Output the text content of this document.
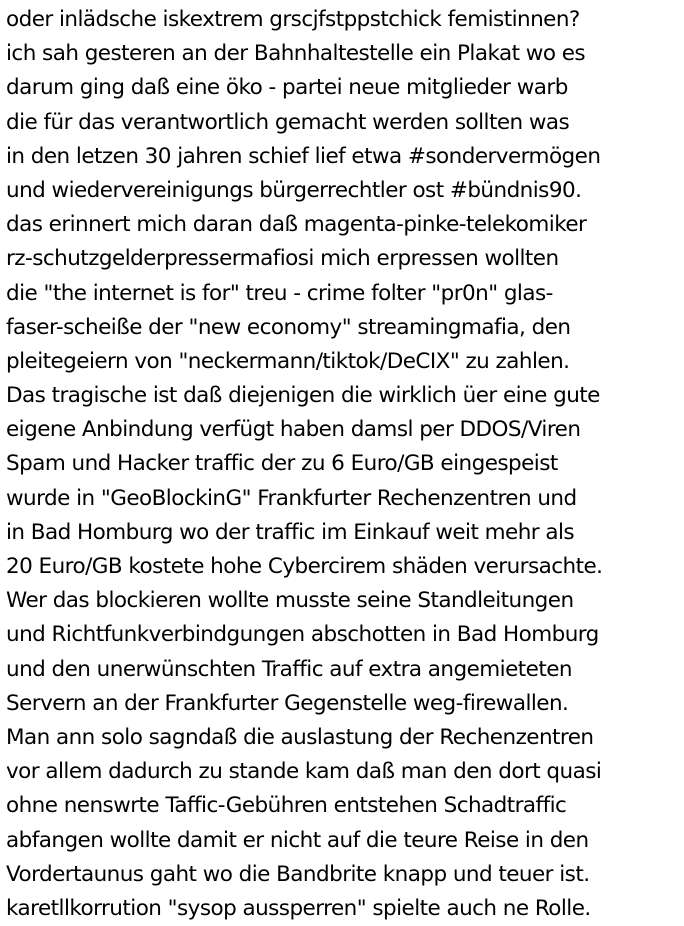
oder inlädsche iskextrem grscjfstppstchick femistinnen?
ich sah gesteren an der Bahnhaltestelle ein Plakat wo es
darum ging daß eine öko - partei neue mitglieder warb
die für das verantwortlich gemacht werden sollten was
in den letzen 30 jahren schief lief etwa #sondervermögen
und wiedervereinigungs bürgerrechtler ost #bündnis90.
das erinnert mich daran daß magenta-pinke-telekomiker
rz-schutzgelderpressermafiosi mich erpressen wollten
die "the internet is for" treu - crime folter "pr0n" glas-
faser-scheiße der "new economy" streamingmafia, den
pleitegeiern von "neckermann/tiktok/DeCIX" zu zahlen.
Das tragische ist daß diejenigen die wirklich üer eine gute
eigene Anbindung verfügt haben damsl per DDOS/Viren
Spam und Hacker traffic der zu 6 Euro/GB eingespeist
wurde in "GeoBlockinG" Frankfurter Rechenzentren und
in Bad Homburg wo der traffic im Einkauf weit mehr als
20 Euro/GB kostete hohe Cybercirem shäden verursachte.
Wer das blockieren wollte musste seine Standleitungen
und Richtfunkverbindgungen abschotten in Bad Homburg
und den unerwünschten Traffic auf extra angemieteten
Servern an der Frankfurter Gegenstelle weg-firewallen.
Man ann solo sagndaß die auslastung der Rechenzentren
vor allem dadurch zu stande kam daß man den dort quasi
ohne nenswrte Taffic-Gebühren entstehen Schadtraffic
abfangen wollte damit er nicht auf die teure Reise in den
Vordertaunus gaht wo die Bandbrite knapp und teuer ist.
karetllkorrution "sysop aussperren" spielte auch ne Rolle.
